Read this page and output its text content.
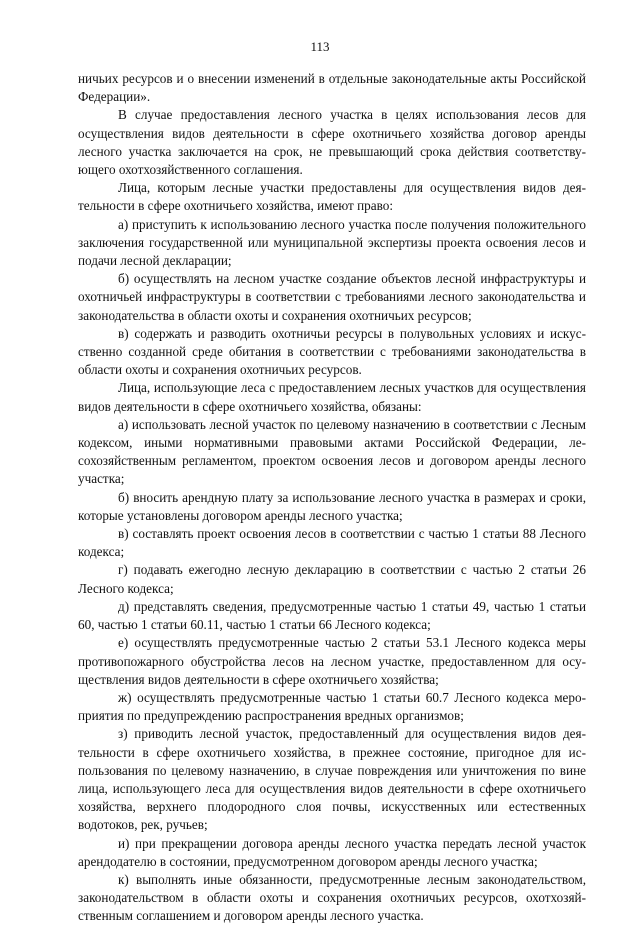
113

ничьих ресурсов и о внесении изменений в отдельные законодательные акты Российской Федерации».

В случае предоставления лесного участка в целях использования лесов для осуществления видов деятельности в сфере охотничьего хозяйства договор аренды лесного участка заключается на срок, не превышающий срока действия соответствующего охотхозяйственного соглашения.

Лица, которым лесные участки предоставлены для осуществления видов деятельности в сфере охотничьего хозяйства, имеют право:

а) приступить к использованию лесного участка после получения положительного заключения государственной или муниципальной экспертизы проекта освоения лесов и подачи лесной декларации;

б) осуществлять на лесном участке создание объектов лесной инфраструктуры и охотничьей инфраструктуры в соответствии с требованиями лесного законодательства и законодательства в области охоты и сохранения охотничьих ресурсов;

в) содержать и разводить охотничьи ресурсы в полувольных условиях и искусственно созданной среде обитания в соответствии с требованиями законодательства в области охоты и сохранения охотничьих ресурсов.

Лица, использующие леса с предоставлением лесных участков для осуществления видов деятельности в сфере охотничьего хозяйства, обязаны:

а) использовать лесной участок по целевому назначению в соответствии с Лесным кодексом, иными нормативными правовыми актами Российской Федерации, лесохозяйственным регламентом, проектом освоения лесов и договором аренды лесного участка;

б) вносить арендную плату за использование лесного участка в размерах и сроки, которые установлены договором аренды лесного участка;

в) составлять проект освоения лесов в соответствии с частью 1 статьи 88 Лесного кодекса;

г) подавать ежегодно лесную декларацию в соответствии с частью 2 статьи 26 Лесного кодекса;

д) представлять сведения, предусмотренные частью 1 статьи 49, частью 1 статьи 60, частью 1 статьи 60.11, частью 1 статьи 66 Лесного кодекса;

е) осуществлять предусмотренные частью 2 статьи 53.1 Лесного кодекса меры противопожарного обустройства лесов на лесном участке, предоставленном для осуществления видов деятельности в сфере охотничьего хозяйства;

ж) осуществлять предусмотренные частью 1 статьи 60.7 Лесного кодекса мероприятия по предупреждению распространения вредных организмов;

з) приводить лесной участок, предоставленный для осуществления видов деятельности в сфере охотничьего хозяйства, в прежнее состояние, пригодное для использования по целевому назначению, в случае повреждения или уничтожения по вине лица, использующего леса для осуществления видов деятельности в сфере охотничьего хозяйства, верхнего плодородного слоя почвы, искусственных или естественных водотоков, рек, ручьев;

и) при прекращении договора аренды лесного участка передать лесной участок арендодателю в состоянии, предусмотренном договором аренды лесного участка;

к) выполнять иные обязанности, предусмотренные лесным законодательством, законодательством в области охоты и сохранения охотничьих ресурсов, охотхозяйственным соглашением и договором аренды лесного участка.
